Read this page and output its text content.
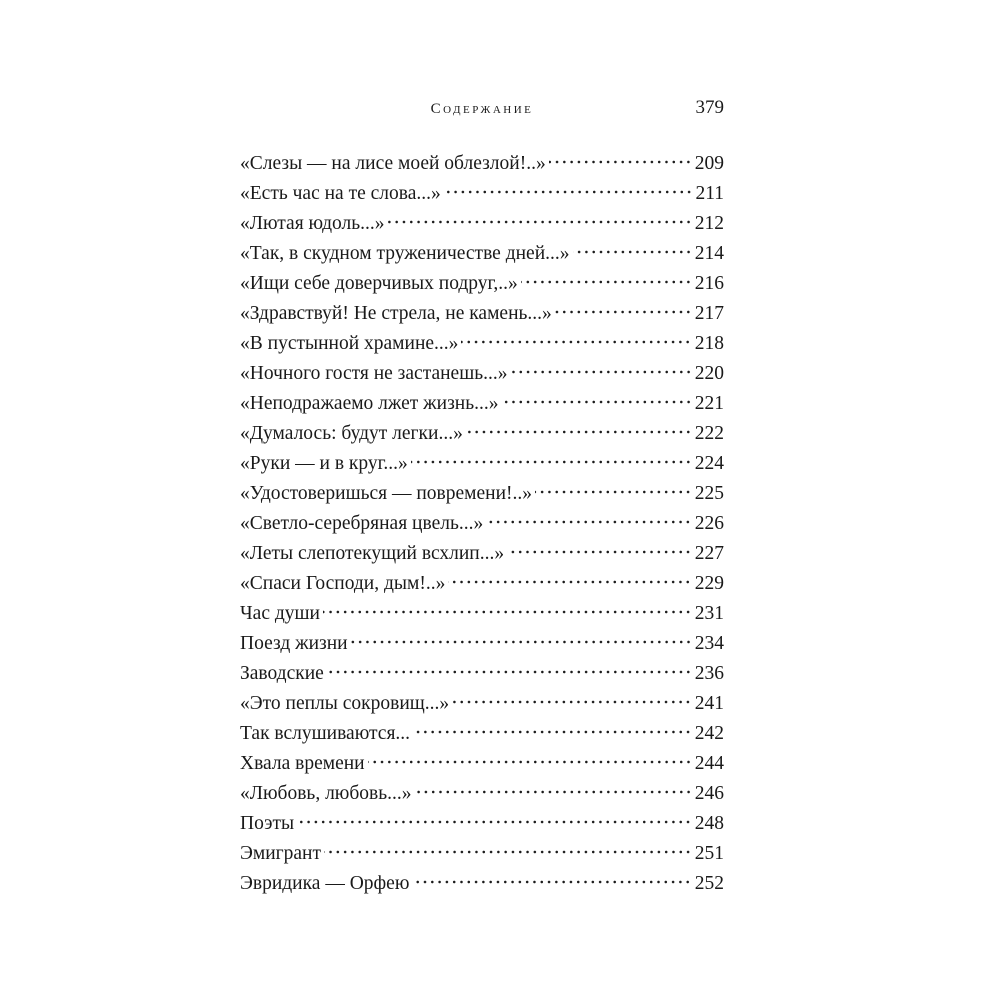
Содержание	379
«Слезы — на лисе моей облезлой!..»	209
«Есть час на те слова...»	211
«Лютая юдоль...»	212
«Так, в скудном труженичестве дней...»	214
«Ищи себе доверчивых подруг,..»	216
«Здравствуй! Не стрела, не камень...»	217
«В пустынной храмине...»	218
«Ночного гостя не застанешь...»	220
«Неподражаемо лжет жизнь...»	221
«Думалось: будут легки...»	222
«Руки — и в круг...»	224
«Удостоверишься — повремени!..»	225
«Светло-серебряная цвель...»	226
«Леты слепотекущий всхлип...»	227
«Спаси Господи, дым!..»	229
Час души	231
Поезд жизни	234
Заводские	236
«Это пеплы сокровищ...»	241
Так вслушиваются...	242
Хвала времени	244
«Любовь, любовь...»	246
Поэты	248
Эмигрант	251
Эвридика — Орфею	252
